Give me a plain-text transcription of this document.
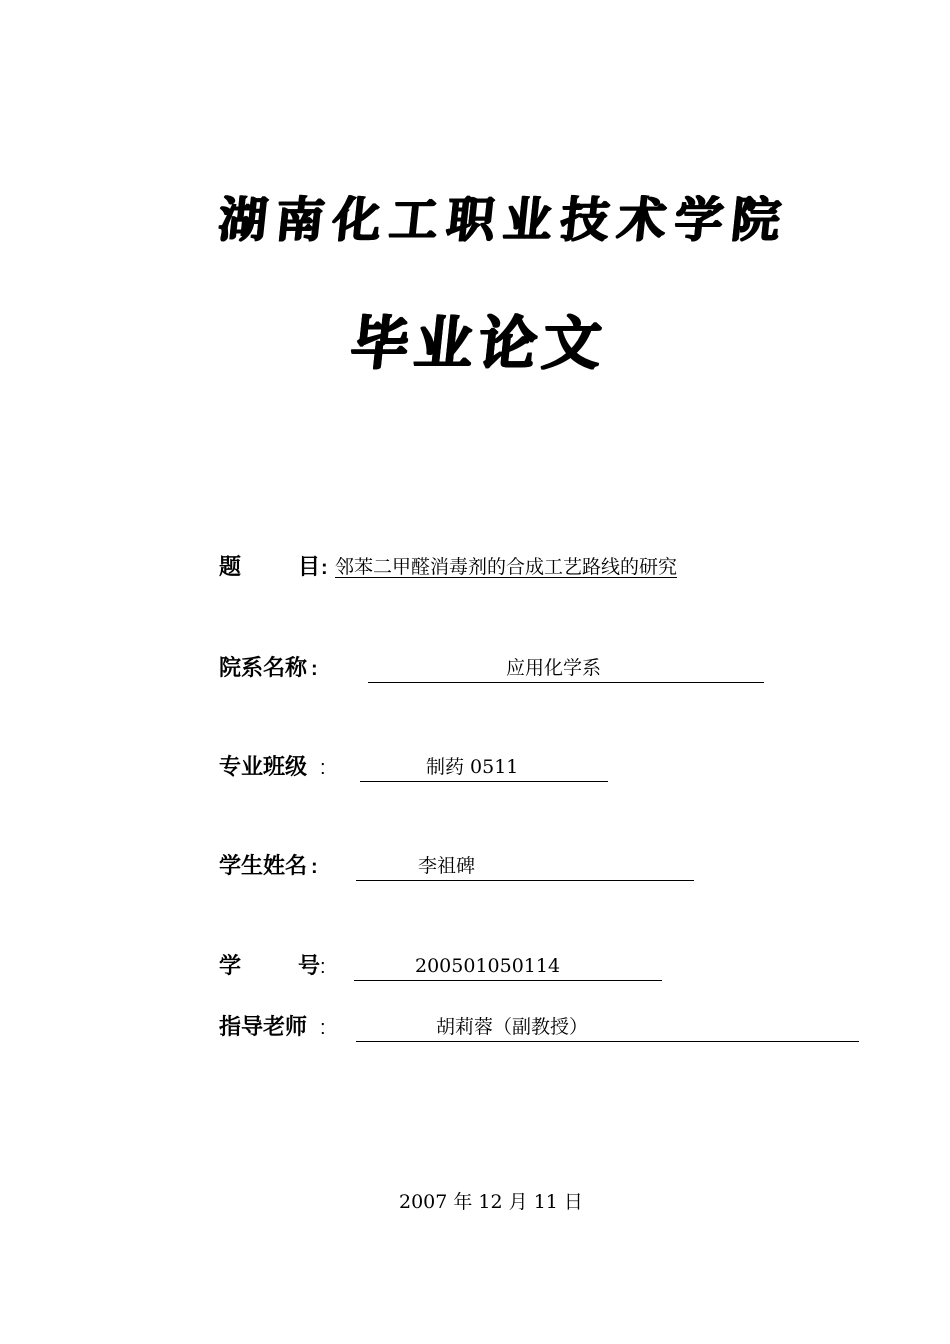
湖南化工职业技术学院
毕业论文
题	目 : 邻苯二甲醛消毒剂的合成工艺路线的研究
院系名称 :	应用化学系
专业班级 :	制药 0511
学生姓名 :	李祖碑
学	号 :	200501050114
指导老师 :	胡莉蓉（副教授）
2007 年 12 月 11 日
